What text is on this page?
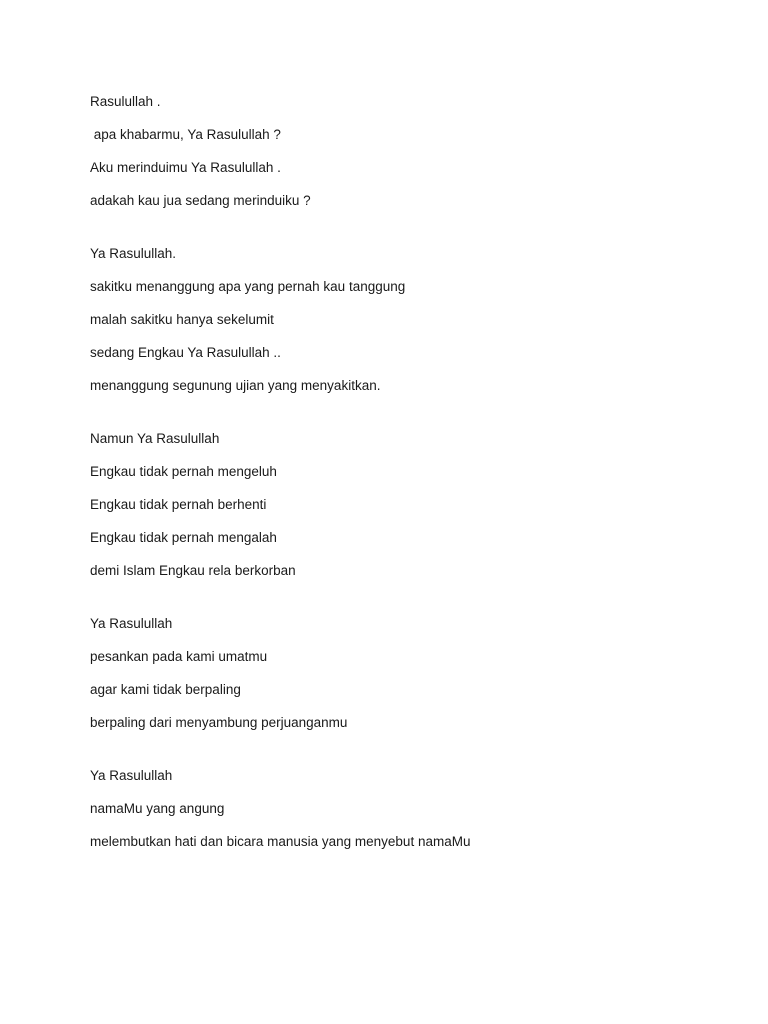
Rasulullah .
apa khabarmu, Ya Rasulullah ?
Aku merinduimu Ya Rasulullah .
adakah kau jua sedang merinduiku ?
Ya Rasulullah.
sakitku menanggung apa yang pernah kau tanggung
malah sakitku hanya sekelumit
sedang Engkau Ya Rasulullah ..
menanggung segunung ujian yang menyakitkan.
Namun Ya Rasulullah
Engkau tidak pernah mengeluh
Engkau tidak pernah berhenti
Engkau tidak pernah mengalah
demi Islam Engkau rela berkorban
Ya Rasulullah
pesankan pada kami umatmu
agar kami tidak berpaling
berpaling dari menyambung perjuanganmu
Ya Rasulullah
namaMu yang angung
melembutkan hati dan bicara manusia yang menyebut namaMu
